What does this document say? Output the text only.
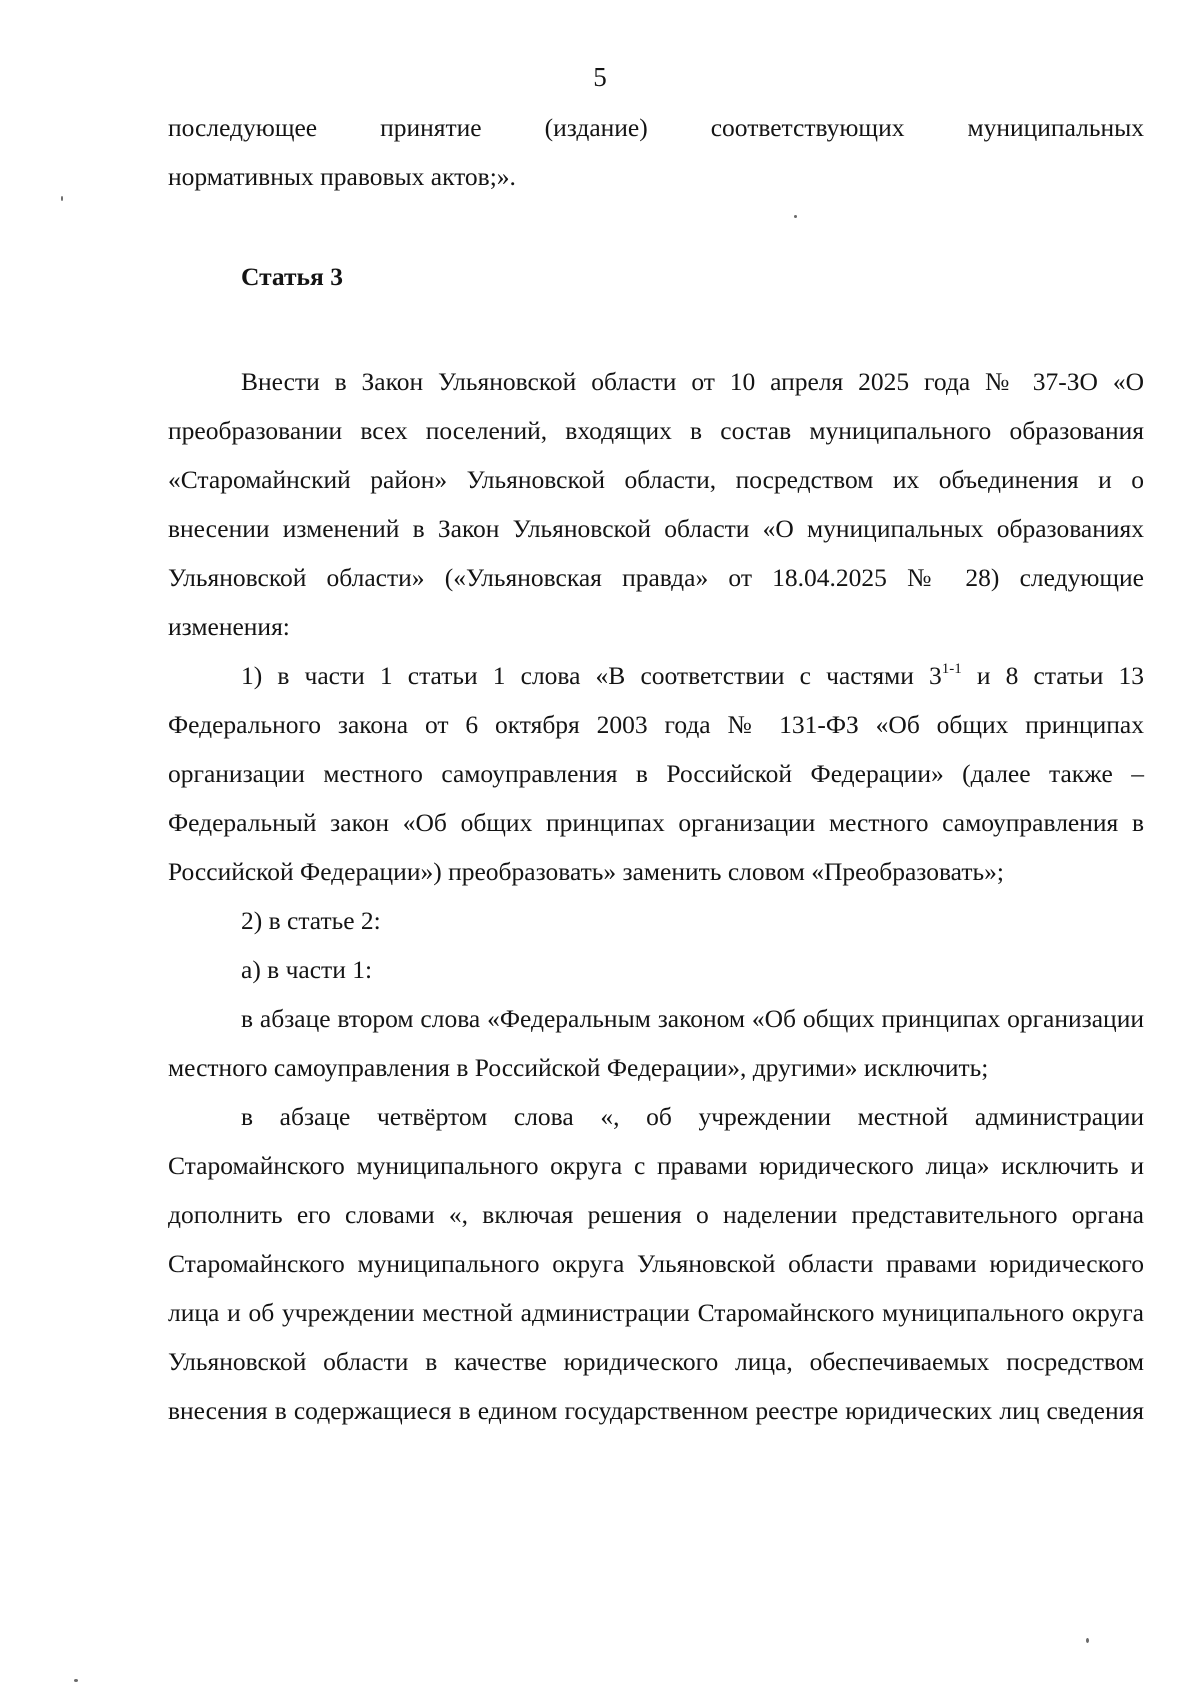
5

последующее принятие (издание) соответствующих муниципальных

нормативных правовых актов;».

Статья 3

Внести в Закон Ульяновской области от 10 апреля 2025 года № 37-ЗО «О преобразовании всех поселений, входящих в состав муниципального образования «Старомайнский район» Ульяновской области, посредством их объединения и о внесении изменений в Закон Ульяновской области «О муниципальных образованиях Ульяновской области» («Ульяновская правда» от 18.04.2025 № 28) следующие изменения:

1) в части 1 статьи 1 слова «В соответствии с частями 3$^{1-1}$ и 8 статьи 13 Федерального закона от 6 октября 2003 года № 131-ФЗ «Об общих принципах организации местного самоуправления в Российской Федерации» (далее также – Федеральный закон «Об общих принципах организации местного самоуправления в Российской Федерации») преобразовать» заменить словом «Преобразовать»;

2) в статье 2:

а) в части 1:

в абзаце втором слова «Федеральным законом «Об общих принципах организации местного самоуправления в Российской Федерации», другими» исключить;

в абзаце четвёртом слова «, об учреждении местной администрации Старомайнского муниципального округа с правами юридического лица» исключить и дополнить его словами «, включая решения о наделении представительного органа Старомайнского муниципального округа Ульяновской области правами юридического лица и об учреждении местной администрации Старомайнского муниципального округа Ульяновской области в качестве юридического лица, обеспечиваемых посредством внесения в содержащиеся в едином государственном реестре юридических лиц сведения
